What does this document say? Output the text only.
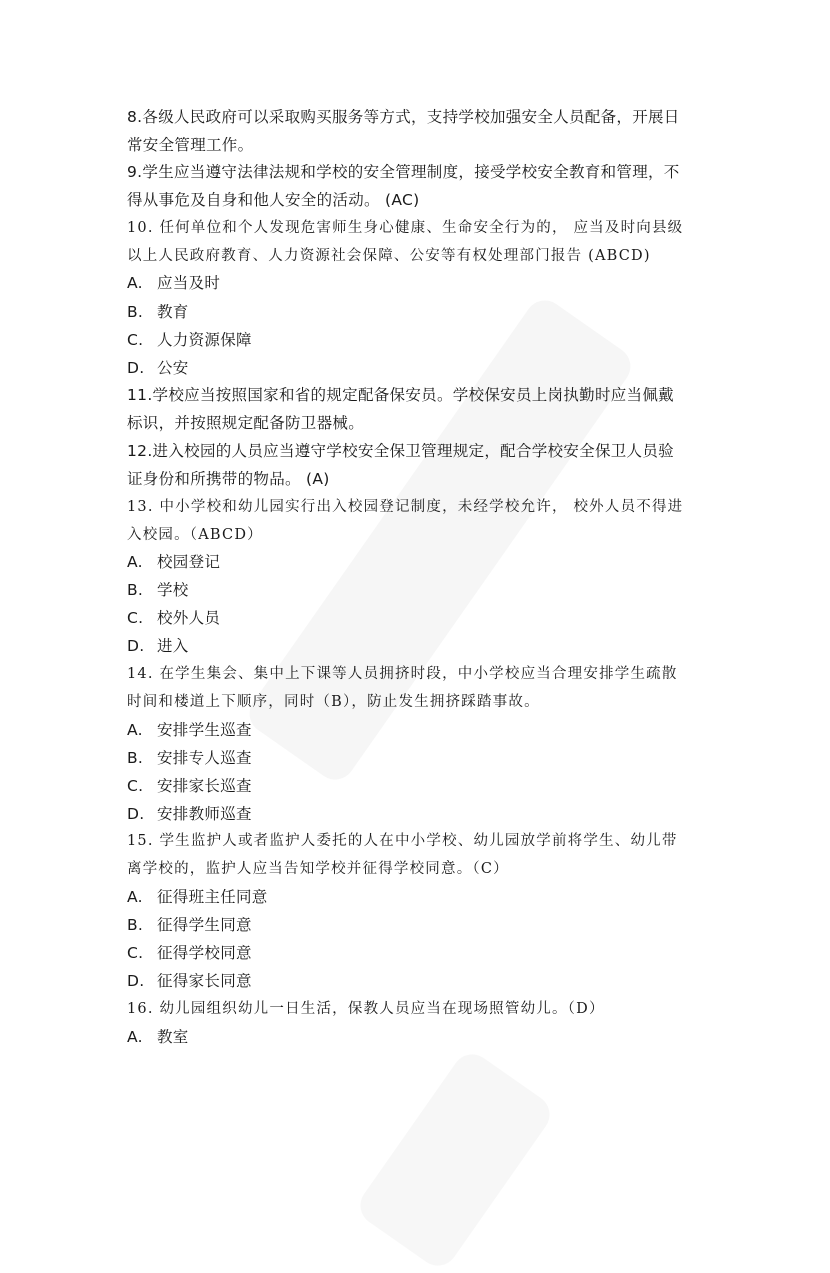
8.各级人民政府可以采取购买服务等方式，支持学校加强安全人员配备，开展日
常安全管理工作。
9.学生应当遵守法律法规和学校的安全管理制度，接受学校安全教育和管理，不
得从事危及自身和他人安全的活动。 (AC)
10. 任何单位和个人发现危害师生身心健康、生命安全行为的， 应当及时向县级
以上人民政府教育、人力资源社会保障、公安等有权处理部门报告 (ABCD)
A. 应当及时
B. 教育
C. 人力资源保障
D. 公安
11.学校应当按照国家和省的规定配备保安员。学校保安员上岗执勤时应当佩戴
标识，并按照规定配备防卫器械。
12.进入校园的人员应当遵守学校安全保卫管理规定，配合学校安全保卫人员验
证身份和所携带的物品。 (A)
13. 中小学校和幼儿园实行出入校园登记制度，未经学校允许， 校外人员不得进
入校园。（ABCD）
A. 校园登记
B. 学校
C. 校外人员
D. 进入
14. 在学生集会、集中上下课等人员拥挤时段，中小学校应当合理安排学生疏散
时间和楼道上下顺序，同时（B），防止发生拥挤踩踏事故。
A. 安排学生巡查
B. 安排专人巡查
C. 安排家长巡查
D. 安排教师巡查
15. 学生监护人或者监护人委托的人在中小学校、幼儿园放学前将学生、幼儿带
离学校的，监护人应当告知学校并征得学校同意。（C）
A. 征得班主任同意
B. 征得学生同意
C. 征得学校同意
D. 征得家长同意
16. 幼儿园组织幼儿一日生活，保教人员应当在现场照管幼儿。（D）
A. 教室
